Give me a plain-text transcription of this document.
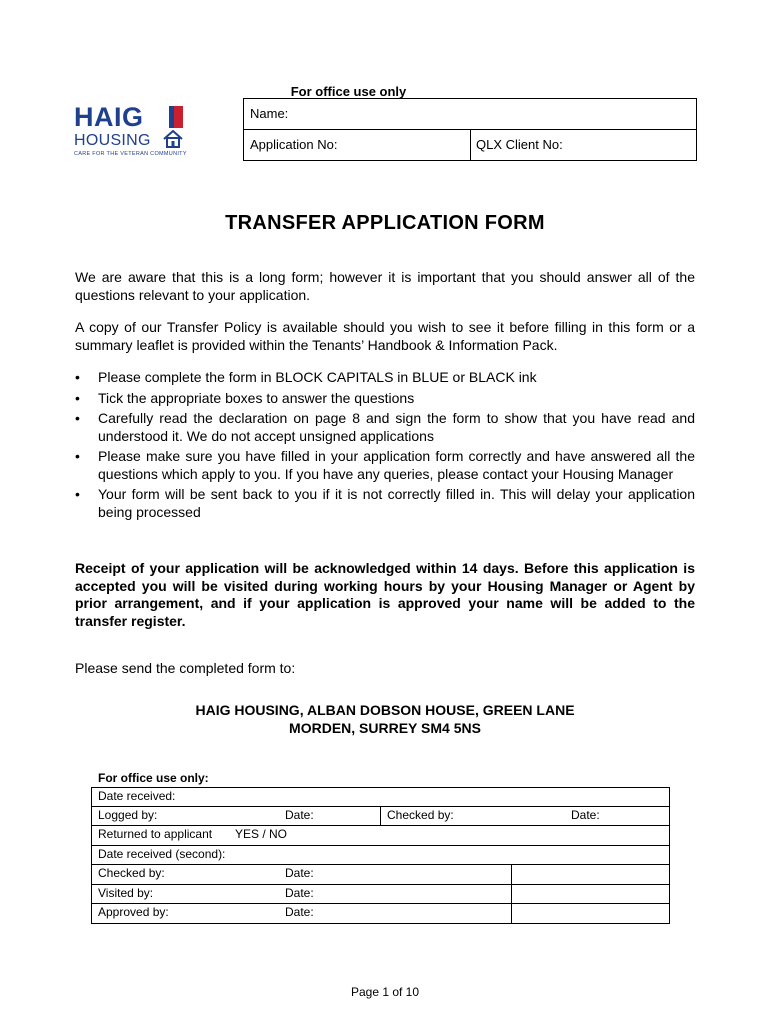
HAIG
HOUSING
CARE FOR THE VETERAN COMMUNITY
For office use only
Name:
Application No:	QLX Client No:
TRANSFER APPLICATION FORM
We are aware that this is a long form; however it is important that you should answer all of the questions relevant to your application.
A copy of our Transfer Policy is available should you wish to see it before filling in this form or a summary leaflet is provided within the Tenants’ Handbook & Information Pack.
• Please complete the form in BLOCK CAPITALS in BLUE or BLACK ink
• Tick the appropriate boxes to answer the questions
• Carefully read the declaration on page 8 and sign the form to show that you have read and understood it. We do not accept unsigned applications
• Please make sure you have filled in your application form correctly and have answered all the questions which apply to you. If you have any queries, please contact your Housing Manager
• Your form will be sent back to you if it is not correctly filled in. This will delay your application being processed
Receipt of your application will be acknowledged within 14 days. Before this application is accepted you will be visited during working hours by your Housing Manager or Agent by prior arrangement, and if your application is approved your name will be added to the transfer register.
Please send the completed form to:
HAIG HOUSING, ALBAN DOBSON HOUSE, GREEN LANE
MORDEN, SURREY SM4 5NS
For office use only:
Date received:
Logged by:	Date:	Checked by:	Date:
Returned to applicant YES / NO
Date received (second):
Checked by:	Date:
Visited by:	Date:
Approved by:	Date:
Page 1 of 10
